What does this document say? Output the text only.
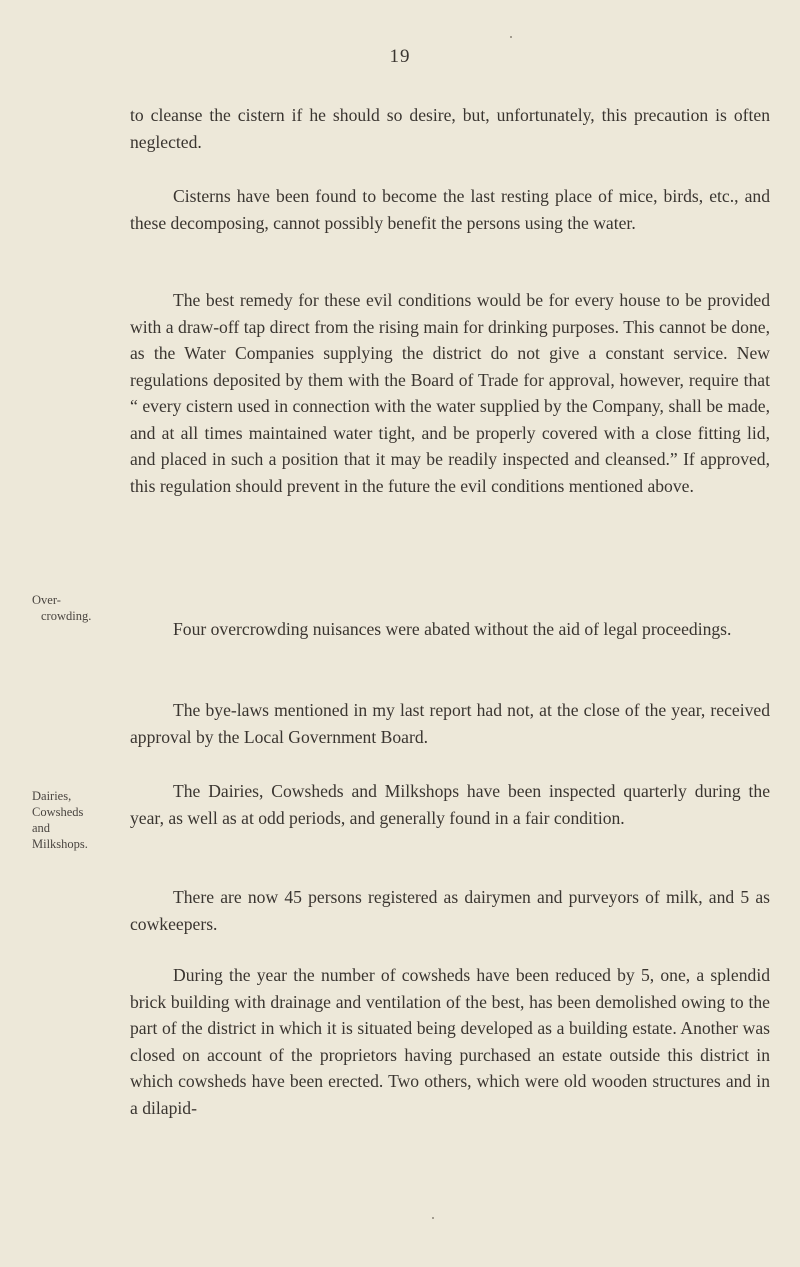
19

to cleanse the cistern if he should so desire, but, unfortunately, this precaution is often neglected.

Cisterns have been found to become the last resting place of mice, birds, etc., and these decomposing, cannot possibly benefit the persons using the water.

The best remedy for these evil conditions would be for every house to be provided with a draw-off tap direct from the rising main for drinking purposes. This cannot be done, as the Water Companies supplying the district do not give a constant service. New regulations deposited by them with the Board of Trade for approval, however, require that “ every cistern used in connection with the water supplied by the Company, shall be made, and at all times maintained water tight, and be properly covered with a close fitting lid, and placed in such a position that it may be readily inspected and cleansed.” If approved, this regulation should prevent in the future the evil conditions mentioned above.

Over-
crowding.

Four overcrowding nuisances were abated without the aid of legal proceedings.

The bye-laws mentioned in my last report had not, at the close of the year, received approval by the Local Government Board.

Dairies,
Cowsheds
and
Milkshops.

The Dairies, Cowsheds and Milkshops have been inspected quarterly during the year, as well as at odd periods, and generally found in a fair condition.

There are now 45 persons registered as dairymen and purveyors of milk, and 5 as cowkeepers.

During the year the number of cowsheds have been reduced by 5, one, a splendid brick building with drainage and ventilation of the best, has been demolished owing to the part of the district in which it is situated being developed as a building estate. Another was closed on account of the proprietors having purchased an estate outside this district in which cowsheds have been erected. Two others, which were old wooden structures and in a dilapid-
